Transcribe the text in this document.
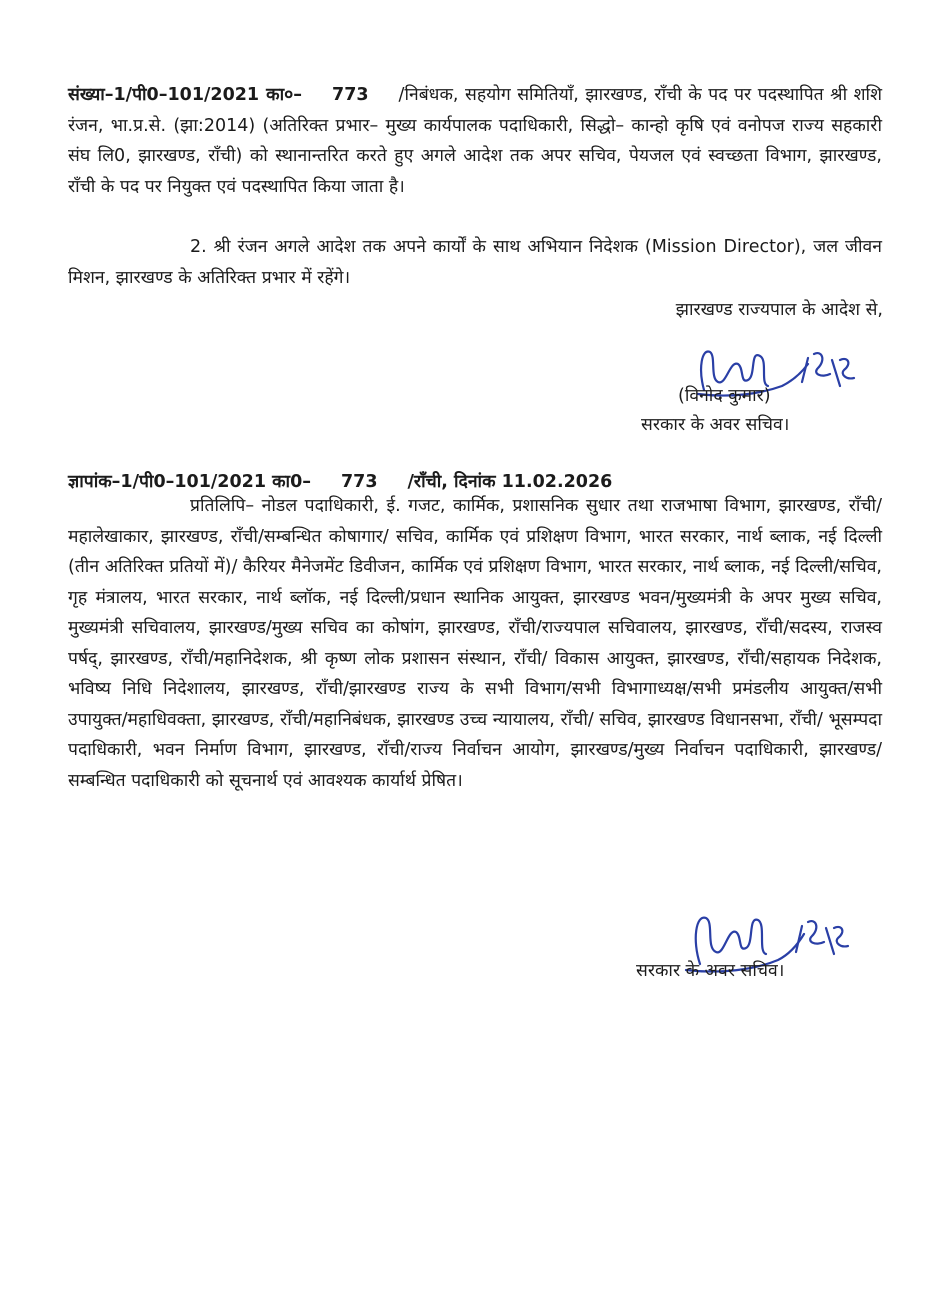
संख्या–1/पी0–101/2021 का०– 773 /निबंधक, सहयोग समितियाँ, झारखण्ड, राँची के पद पर पदस्थापित श्री शशि रंजन, भा.प्र.से. (झा:2014) (अतिरिक्त प्रभार– मुख्य कार्यपालक पदाधिकारी, सिद्धो– कान्हो कृषि एवं वनोपज राज्य सहकारी संघ लि0, झारखण्ड, राँची) को स्थानान्तरित करते हुए अगले आदेश तक अपर सचिव, पेयजल एवं स्वच्छता विभाग, झारखण्ड, राँची के पद पर नियुक्त एवं पदस्थापित किया जाता है।

2. श्री रंजन अगले आदेश तक अपने कार्यों के साथ अभियान निदेशक (Mission Director), जल जीवन मिशन, झारखण्ड के अतिरिक्त प्रभार में रहेंगे।

झारखण्ड राज्यपाल के आदेश से,
(विनोद कुमार)
सरकार के अवर सचिव।

ज्ञापांक–1/पी0–101/2021 का0– 773 /राँची, दिनांक 11.02.2026

प्रतिलिपि– नोडल पदाधिकारी, ई. गजट, कार्मिक, प्रशासनिक सुधार तथा राजभाषा विभाग, झारखण्ड, राँची/महालेखाकार, झारखण्ड, राँची/सम्बन्धित कोषागार/ सचिव, कार्मिक एवं प्रशिक्षण विभाग, भारत सरकार, नार्थ ब्लाक, नई दिल्ली (तीन अतिरिक्त प्रतियों में)/ कैरियर मैनेजमेंट डिवीजन, कार्मिक एवं प्रशिक्षण विभाग, भारत सरकार, नार्थ ब्लाक, नई दिल्ली/सचिव, गृह मंत्रालय, भारत सरकार, नार्थ ब्लॉक, नई दिल्ली/प्रधान स्थानिक आयुक्त, झारखण्ड भवन/मुख्यमंत्री के अपर मुख्य सचिव, मुख्यमंत्री सचिवालय, झारखण्ड/मुख्य सचिव का कोषांग, झारखण्ड, राँची/राज्यपाल सचिवालय, झारखण्ड, राँची/सदस्य, राजस्व पर्षद्, झारखण्ड, राँची/महानिदेशक, श्री कृष्ण लोक प्रशासन संस्थान, राँची/ विकास आयुक्त, झारखण्ड, राँची/सहायक निदेशक, भविष्य निधि निदेशालय, झारखण्ड, राँची/झारखण्ड राज्य के सभी विभाग/सभी विभागाध्यक्ष/सभी प्रमंडलीय आयुक्त/सभी उपायुक्त/महाधिवक्ता, झारखण्ड, राँची/महानिबंधक, झारखण्ड उच्च न्यायालय, राँची/ सचिव, झारखण्ड विधानसभा, राँची/ भूसम्पदा पदाधिकारी, भवन निर्माण विभाग, झारखण्ड, राँची/राज्य निर्वाचन आयोग, झारखण्ड/मुख्य निर्वाचन पदाधिकारी, झारखण्ड/सम्बन्धित पदाधिकारी को सूचनार्थ एवं आवश्यक कार्यार्थ प्रेषित।

सरकार के अवर सचिव।
